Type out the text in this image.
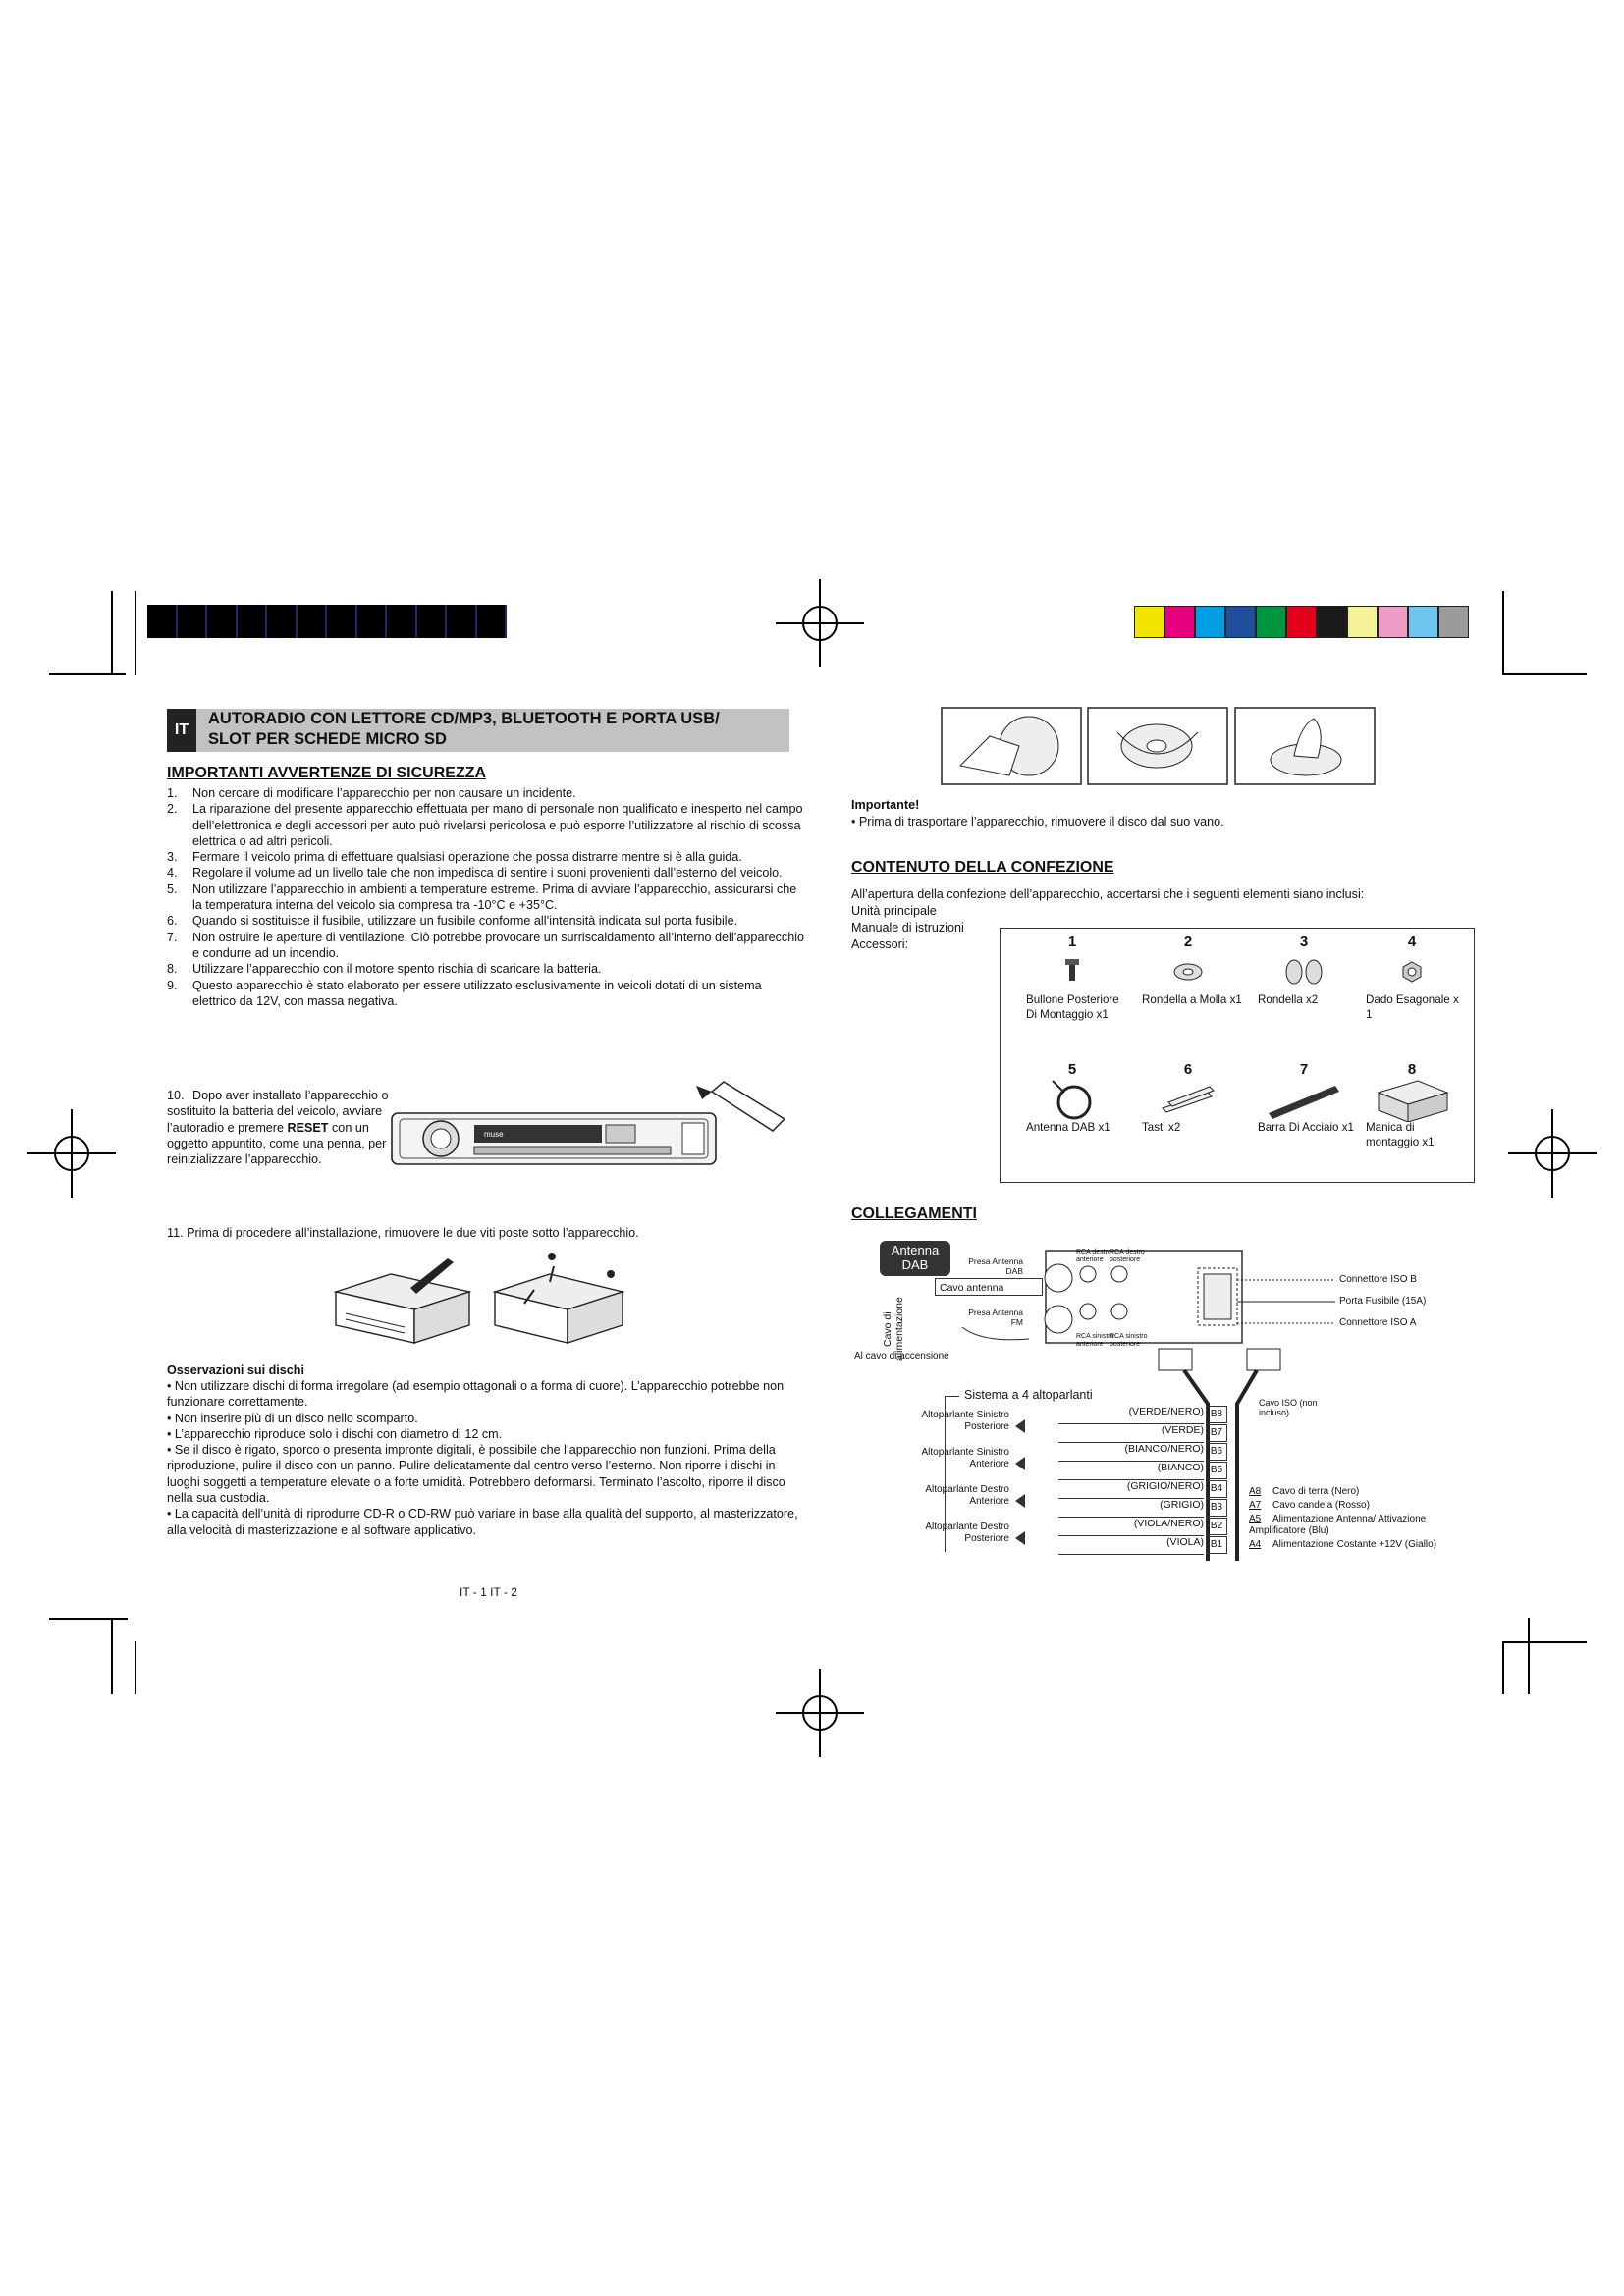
IT
AUTORADIO CON LETTORE CD/MP3, BLUETOOTH E PORTA USB/
SLOT PER SCHEDE MICRO SD
IMPORTANTI AVVERTENZE DI SICUREZZA
1. Non cercare di modificare l’apparecchio per non causare un incidente.
2. La riparazione del presente apparecchio effettuata per mano di personale non qualificato e inesperto nel campo dell’elettronica e degli accessori per auto può rivelarsi pericolosa e può esporre l’utilizzatore al rischio di scossa elettrica o ad altri pericoli.
3. Fermare il veicolo prima di effettuare qualsiasi operazione che possa distrarre mentre si è alla guida.
4. Regolare il volume ad un livello tale che non impedisca di sentire i suoni provenienti dall’esterno del veicolo.
5. Non utilizzare l’apparecchio in ambienti a temperature estreme. Prima di avviare l’apparecchio, assicurarsi che la temperatura interna del veicolo sia compresa tra -10°C e +35°C.
6. Quando si sostituisce il fusibile, utilizzare un fusibile conforme all’intensità indicata sul porta fusibile.
7. Non ostruire le aperture di ventilazione. Ciò potrebbe provocare un surriscaldamento all’interno dell’apparecchio e condurre ad un incendio.
8. Utilizzare l’apparecchio con il motore spento rischia di scaricare la batteria.
9. Questo apparecchio è stato elaborato per essere utilizzato esclusivamente in veicoli dotati di un sistema elettrico da 12V, con massa negativa.
10. Dopo aver installato l’apparecchio o sostituito la batteria del veicolo, avviare l’autoradio e premere RESET con un oggetto appuntito, come una penna, per reinizializzare l’apparecchio.
muse
11. Prima di procedere all’installazione, rimuovere le due viti poste sotto l’apparecchio.
Osservazioni sui dischi
• Non utilizzare dischi di forma irregolare (ad esempio ottagonali o a forma di cuore). L’apparecchio potrebbe non funzionare correttamente.
• Non inserire più di un disco nello scomparto.
• L’apparecchio riproduce solo i dischi con diametro di 12 cm.
• Se il disco è rigato, sporco o presenta impronte digitali, è possibile che l’apparecchio non funzioni. Prima della riproduzione, pulire il disco con un panno. Pulire delicatamente dal centro verso l’esterno. Non riporre i dischi in luoghi soggetti a temperature elevate o a forte umidità. Potrebbero deformarsi. Terminato l’ascolto, riporre il disco nella sua custodia.
• La capacità dell’unità di riprodurre CD-R o CD-RW può variare in base alla qualità del supporto, al masterizzatore, alla velocità di masterizzazione e al software applicativo.
IT - 1 IT - 2
Importante!
• Prima di trasportare l’apparecchio, rimuovere il disco dal suo vano.
CONTENUTO DELLA CONFEZIONE
All’apertura della confezione dell’apparecchio, accertarsi che i seguenti elementi siano inclusi:
Unità principale
Manuale di istruzioni
Accessori:	1
Bullone Posteriore Di Montaggio x1
2
Rondella a Molla x1
3
Rondella x2
4
Dado Esagonale x 1
5
Antenna DAB x1
6
Tasti x2
7
Barra Di Acciaio x1
8
Manica di montaggio x1
COLLEGAMENTI
Antenna DAB
Cavo di alimentazione
Presa Antenna DAB
Cavo antenna
Presa Antenna FM
RCA destro anteriore
RCA destro posteriore
RCA sinistro anteriore
RCA sinistro posteriore
Al cavo di accensione
Connettore ISO B
Porta Fusibile (15A)
Connettore ISO A
Cavo ISO (non incluso)
Sistema a 4 altoparlanti
Altoparlante Sinistro Posteriore
Altoparlante Sinistro Anteriore
Altoparlante Destro Anteriore
Altoparlante Destro Posteriore
(VERDE/NERO) B8
(VERDE) B7
(BIANCO/NERO) B6
(BIANCO) B5
(GRIGIO/NERO) B4
(GRIGIO) B3
(VIOLA/NERO) B2
(VIOLA) B1
A8 Cavo di terra (Nero)
A7 Cavo candela (Rosso)
A5 Alimentazione Antenna/ Attivazione Amplificatore (Blu)
A4 Alimentazione Costante +12V (Giallo)
